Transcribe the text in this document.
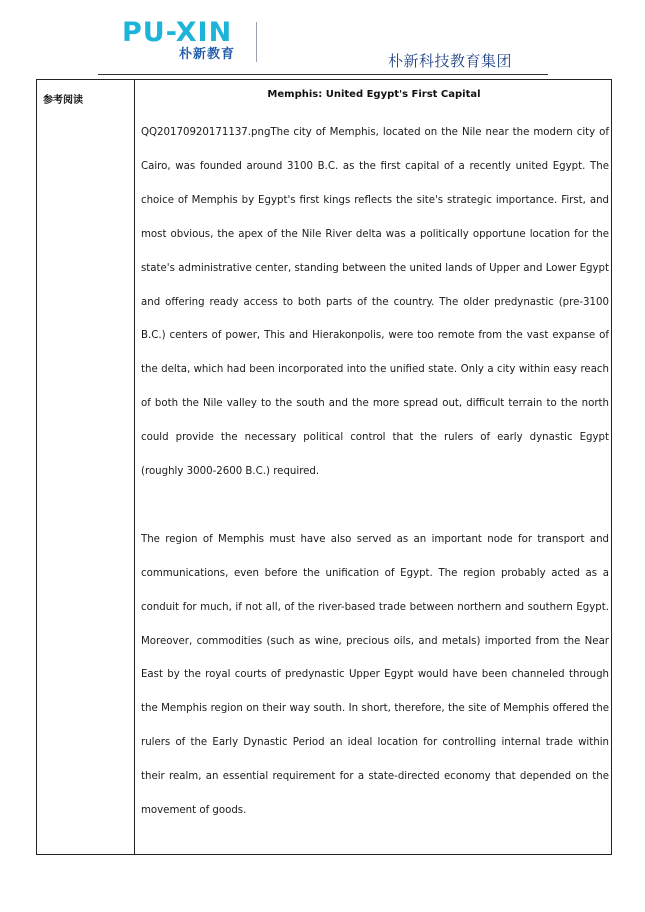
PU-XIN
朴新教育	朴新科技教育集团
参考阅读
Memphis: United Egypt's First Capital

QQ20170920171137.pngThe city of Memphis, located on the Nile near the modern city of Cairo, was founded around 3100 B.C. as the first capital of a recently united Egypt. The choice of Memphis by Egypt's first kings reflects the site's strategic importance. First, and most obvious, the apex of the Nile River delta was a politically opportune location for the state's administrative center, standing between the united lands of Upper and Lower Egypt and offering ready access to both parts of the country. The older predynastic (pre-3100 B.C.) centers of power, This and Hierakonpolis, were too remote from the vast expanse of the delta, which had been incorporated into the unified state. Only a city within easy reach of both the Nile valley to the south and the more spread out, difficult terrain to the north could provide the necessary political control that the rulers of early dynastic Egypt (roughly 3000-2600 B.C.) required.

The region of Memphis must have also served as an important node for transport and communications, even before the unification of Egypt. The region probably acted as a conduit for much, if not all, of the river-based trade between northern and southern Egypt. Moreover, commodities (such as wine, precious oils, and metals) imported from the Near East by the royal courts of predynastic Upper Egypt would have been channeled through the Memphis region on their way south. In short, therefore, the site of Memphis offered the rulers of the Early Dynastic Period an ideal location for controlling internal trade within their realm, an essential requirement for a state-directed economy that depended on the movement of goods.
